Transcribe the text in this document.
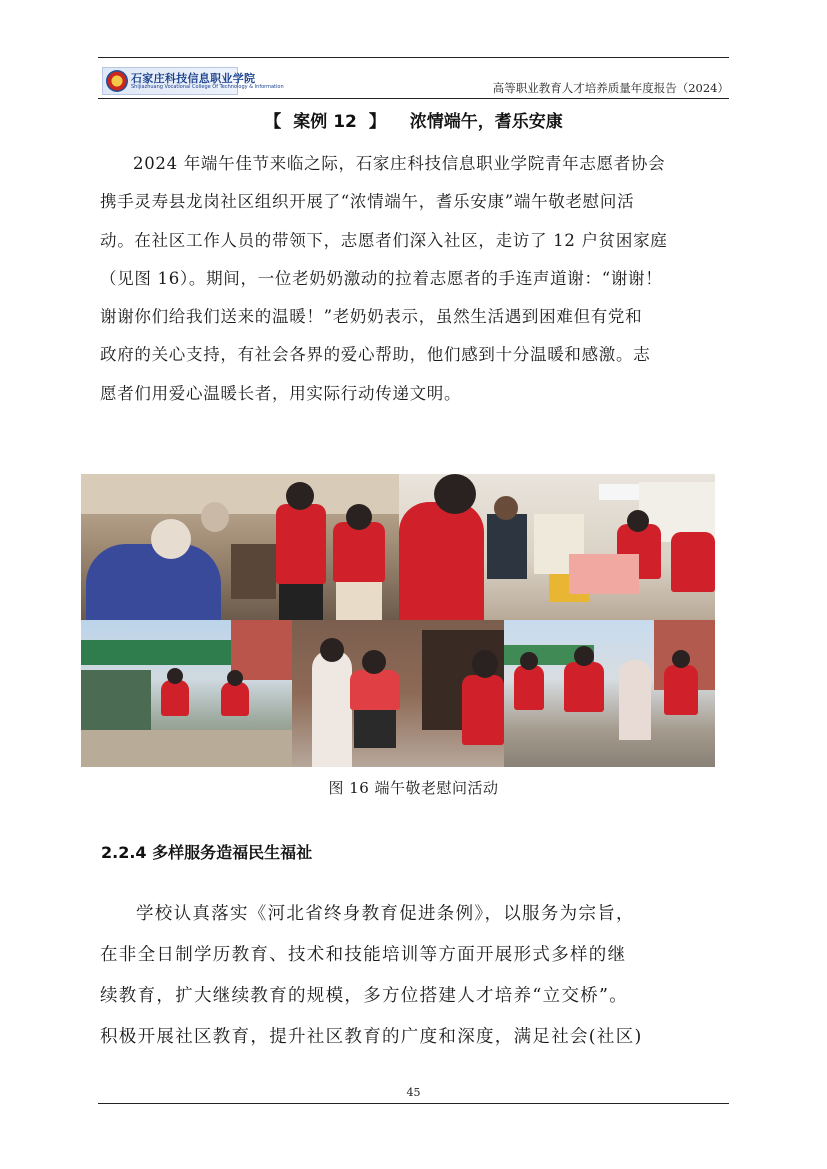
石家庄科技信息职业学院
Shijiazhuang Vocational College Of Technology & Information	高等职业教育人才培养质量年度报告（2024）
【 案例 12 】 浓情端午，耆乐安康
2024 年端午佳节来临之际，石家庄科技信息职业学院青年志愿者协会
携手灵寿县龙岗社区组织开展了“浓情端午，耆乐安康”端午敬老慰问活
动。在社区工作人员的带领下，志愿者们深入社区，走访了 12 户贫困家庭
（见图 16）。期间，一位老奶奶激动的拉着志愿者的手连声道谢：“谢谢！
谢谢你们给我们送来的温暖！”老奶奶表示，虽然生活遇到困难但有党和
政府的关心支持，有社会各界的爱心帮助，他们感到十分温暖和感激。志
愿者们用爱心温暖长者，用实际行动传递文明。
图 16 端午敬老慰问活动
2.2.4 多样服务造福民生福祉
学校认真落实《河北省终身教育促进条例》，以服务为宗旨，
在非全日制学历教育、技术和技能培训等方面开展形式多样的继
续教育，扩大继续教育的规模，多方位搭建人才培养“立交桥”。
积极开展社区教育，提升社区教育的广度和深度，满足社会(社区)
45
